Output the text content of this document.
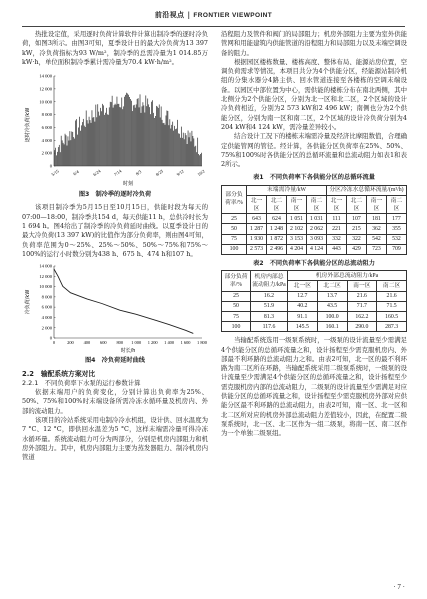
前沿视点 | FRONTIER VIEWPOINT

热批设定值，采用逐时负荷计算软件计算出制冷季的逐时冷负荷，如图3所示。由图3可知，夏季设计日的最大冷负荷为13 397 kW，冷负荷指标为93 W/m²，制冷季的总需冷量为1 014.85万kW·h，单位面积制冷季累计需冷量为70.4 kW·h/m²。

逐时冷负荷/kW
14 000
12 000
10 000
8 000
6 000
4 000
2 000
0
5/15	6/4	6/24	7/14	8/3	8/23	9/12	10/2
时刻
图3　制冷季的逐时冷负荷

该项目制冷季为5月15日至10月15日，供能时段为每天的07:00—18:00，制冷季共154 d，每天供能11 h，总供冷时长为1 694 h。图4给出了制冷季的冷负荷延时曲线。以夏季设计日的最大冷负荷(13 397 kW)的比值作为部分负荷率，则由图4可知，负荷率范围为0～25%、25%～50%、50%～75%和75%～100%的运行小时数分别为438 h、675 h、474 h和107 h。

冷负荷/kW
14 000
12 000
10 000
8 000
6 000
4 000
2 000
0
0	200 400 600 800 1 000 1 200 1 400 1 600 1 800
时长/h
图4　冷负荷延时曲线

2.2　输配系统方案对比

2.2.1　不同负荷率下水泵的运行参数计算

依据末端用户的负荷变化，分别计算出负荷率为25%、50%、75%和100%时末端设备所需冷冻水循环量及机房内、外部的流动阻力。

该项目的冷站系统采用电制冷冷水机组，设计供、回水温度为7 °C、12 °C，即供回水温差为5 °C，这样末端需冷量可得冷冻水循环量。系统流动阻力可分为两部分，分别是机房内部阻力和机房外部阻力。其中，机房内部阻力主要为蒸发器阻力、制冷机房内管道

沿程阻力及管件和阀门的局部阻力；机房外部阻力主要为室外供能管网和用能建筑内供能管道的沿程阻力和局部阻力以及末端空调设备的阻力。

根据园区楼栋数量、楼栋高度、整体布局、能源站房位置，空调负荷需求等情况，本项目共分为4个供能分区，经能源站制冷机组的分集水器分4路主供、回水管道连接至各楼栋的空调末端设备。以园区中部位置为中心，需供能的楼栋分布在南北两侧，其中北侧分为2个供能分区，分别为北一区和北二区，2个区域的设计冷负荷相近，分别为2 573 kW和2 496 kW；南侧也分为2个供能分区，分别为南一区和南二区，2个区域的设计冷负荷分别为4 204 kW和4 124 kW，需冷量差异较小。

结合设计工况下的楼栋末端需冷量及经济比摩阻数值，合理确定供能管网的管径。经计算，各供能分区负荷率在25%、50%、75%和100%时各供能分区的总循环流量和总流动阻力如表1和表2所示。

表1　不同负荷率下各供能分区的总循环流量
部分负荷率/%	末端需冷量/kW				分区冷冻水总循环流量/(m³/h)			
	北一区	北二区	南一区	南二区	北一区	北二区	南一区	南二区
25	643	624	1 051	1 031	111	107	181	177
50	1 287	1 248	2 102	2 062	221	215	362	355
75	1 930	1 872	3 153	3 093	332	322	542	532
100	2 573	2 496	4 204	4 124	443	429	723	709
表2　不同负荷率下各供能分区的总流动阻力
部分负荷率/%	机房内部总流动阻力/kPa	机房外部总流动阻力/kPa			
		北一区	北二区	南一区	南二区
25	16.2	12.7	13.7	21.6	21.6
50	51.9	40.2	43.5	71.7	71.5
75	81.3	91.1	100.0	162.2	160.5
100	117.6	145.5	160.1	290.0	287.3

当输配系统选用一级泵系统时，一级泵的设计流量至少需满足4个供能分区的总循环流量之和，设计扬程至少需克服机房内、外部最不利环路的总流动阻力之和。由表2可知，北一区的最不利环路为南二区所在环路，当输配系统采用二级泵系统时，一级泵的设计流量至少需满足4个供能分区的总循环流量之和，设计扬程至少需克服机房内部的总流动阻力，二级泵的设计流量至少需满足对应供能分区的总循环流量之和，设计扬程至少需克服机房外部对应供能分区最不利环路的总流动阻力，由表2可知，南一区、北一区和北二区所对应的机房外部总流动阻力差值较小，因此，在配置二级泵系统时，北一区、北二区作为一组二级泵，将南一区、南二区作为一个单独二级泵组。

· 7 ·
